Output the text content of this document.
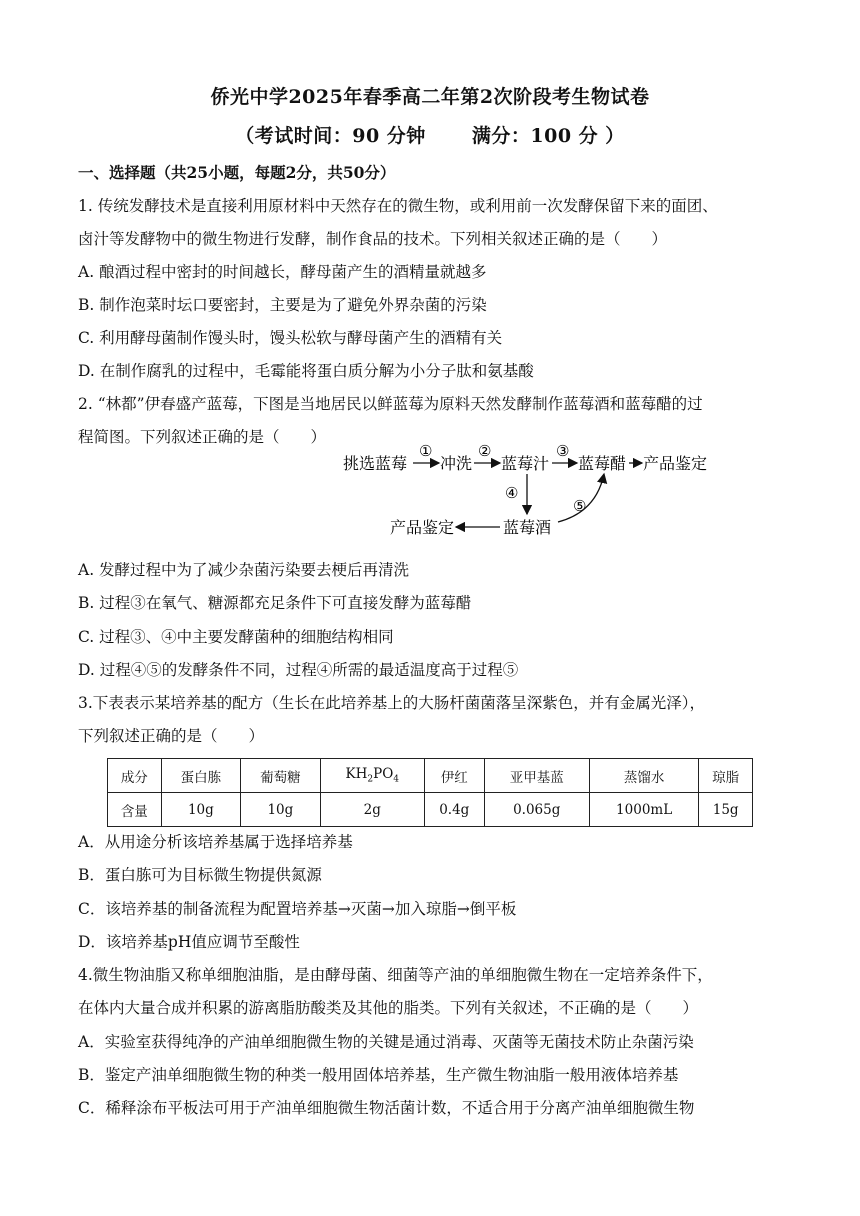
侨光中学2025年春季高二年第2次阶段考生物试卷
（考试时间：90 分钟　　 满分：100 分 ）
一、选择题（共25小题，每题2分，共50分）
1. 传统发酵技术是直接利用原材料中天然存在的微生物，或利用前一次发酵保留下来的面团、
卤汁等发酵物中的微生物进行发酵，制作食品的技术。下列相关叙述正确的是（　　）
A. 酿酒过程中密封的时间越长，酵母菌产生的酒精量就越多
B. 制作泡菜时坛口要密封，主要是为了避免外界杂菌的污染
C. 利用酵母菌制作馒头时，馒头松软与酵母菌产生的酒精有关
D. 在制作腐乳的过程中，毛霉能将蛋白质分解为小分子肽和氨基酸
2. “林都”伊春盛产蓝莓，下图是当地居民以鲜蓝莓为原料天然发酵制作蓝莓酒和蓝莓醋的过
程简图。下列叙述正确的是（　　）
挑选蓝莓 冲洗 蓝莓汁 蓝莓醋 产品鉴定
产品鉴定	蓝莓酒
①	②	③
④
⑤
A. 发酵过程中为了减少杂菌污染要去梗后再清洗
B. 过程③在氧气、糖源都充足条件下可直接发酵为蓝莓醋
C. 过程③、④中主要发酵菌种的细胞结构相同
D. 过程④⑤的发酵条件不同，过程④所需的最适温度高于过程⑤
3.下表表示某培养基的配方（生长在此培养基上的大肠杆菌菌落呈深紫色，并有金属光泽），
下列叙述正确的是（　　）
成分	蛋白胨	葡萄糖	$KH_2PO_4$	伊红	亚甲基蓝	蒸馏水	琼脂
含量	10g	10g	2g	0.4g	0.065g	1000mL	15g
A．从用途分析该培养基属于选择培养基
B．蛋白胨可为目标微生物提供氮源
C．该培养基的制备流程为配置培养基→灭菌→加入琼脂→倒平板
D．该培养基pH值应调节至酸性
4.微生物油脂又称单细胞油脂，是由酵母菌、细菌等产油的单细胞微生物在一定培养条件下，
在体内大量合成并积累的游离脂肪酸类及其他的脂类。下列有关叙述，不正确的是（　　）
A．实验室获得纯净的产油单细胞微生物的关键是通过消毒、灭菌等无菌技术防止杂菌污染
B．鉴定产油单细胞微生物的种类一般用固体培养基，生产微生物油脂一般用液体培养基
C．稀释涂布平板法可用于产油单细胞微生物活菌计数，不适合用于分离产油单细胞微生物
